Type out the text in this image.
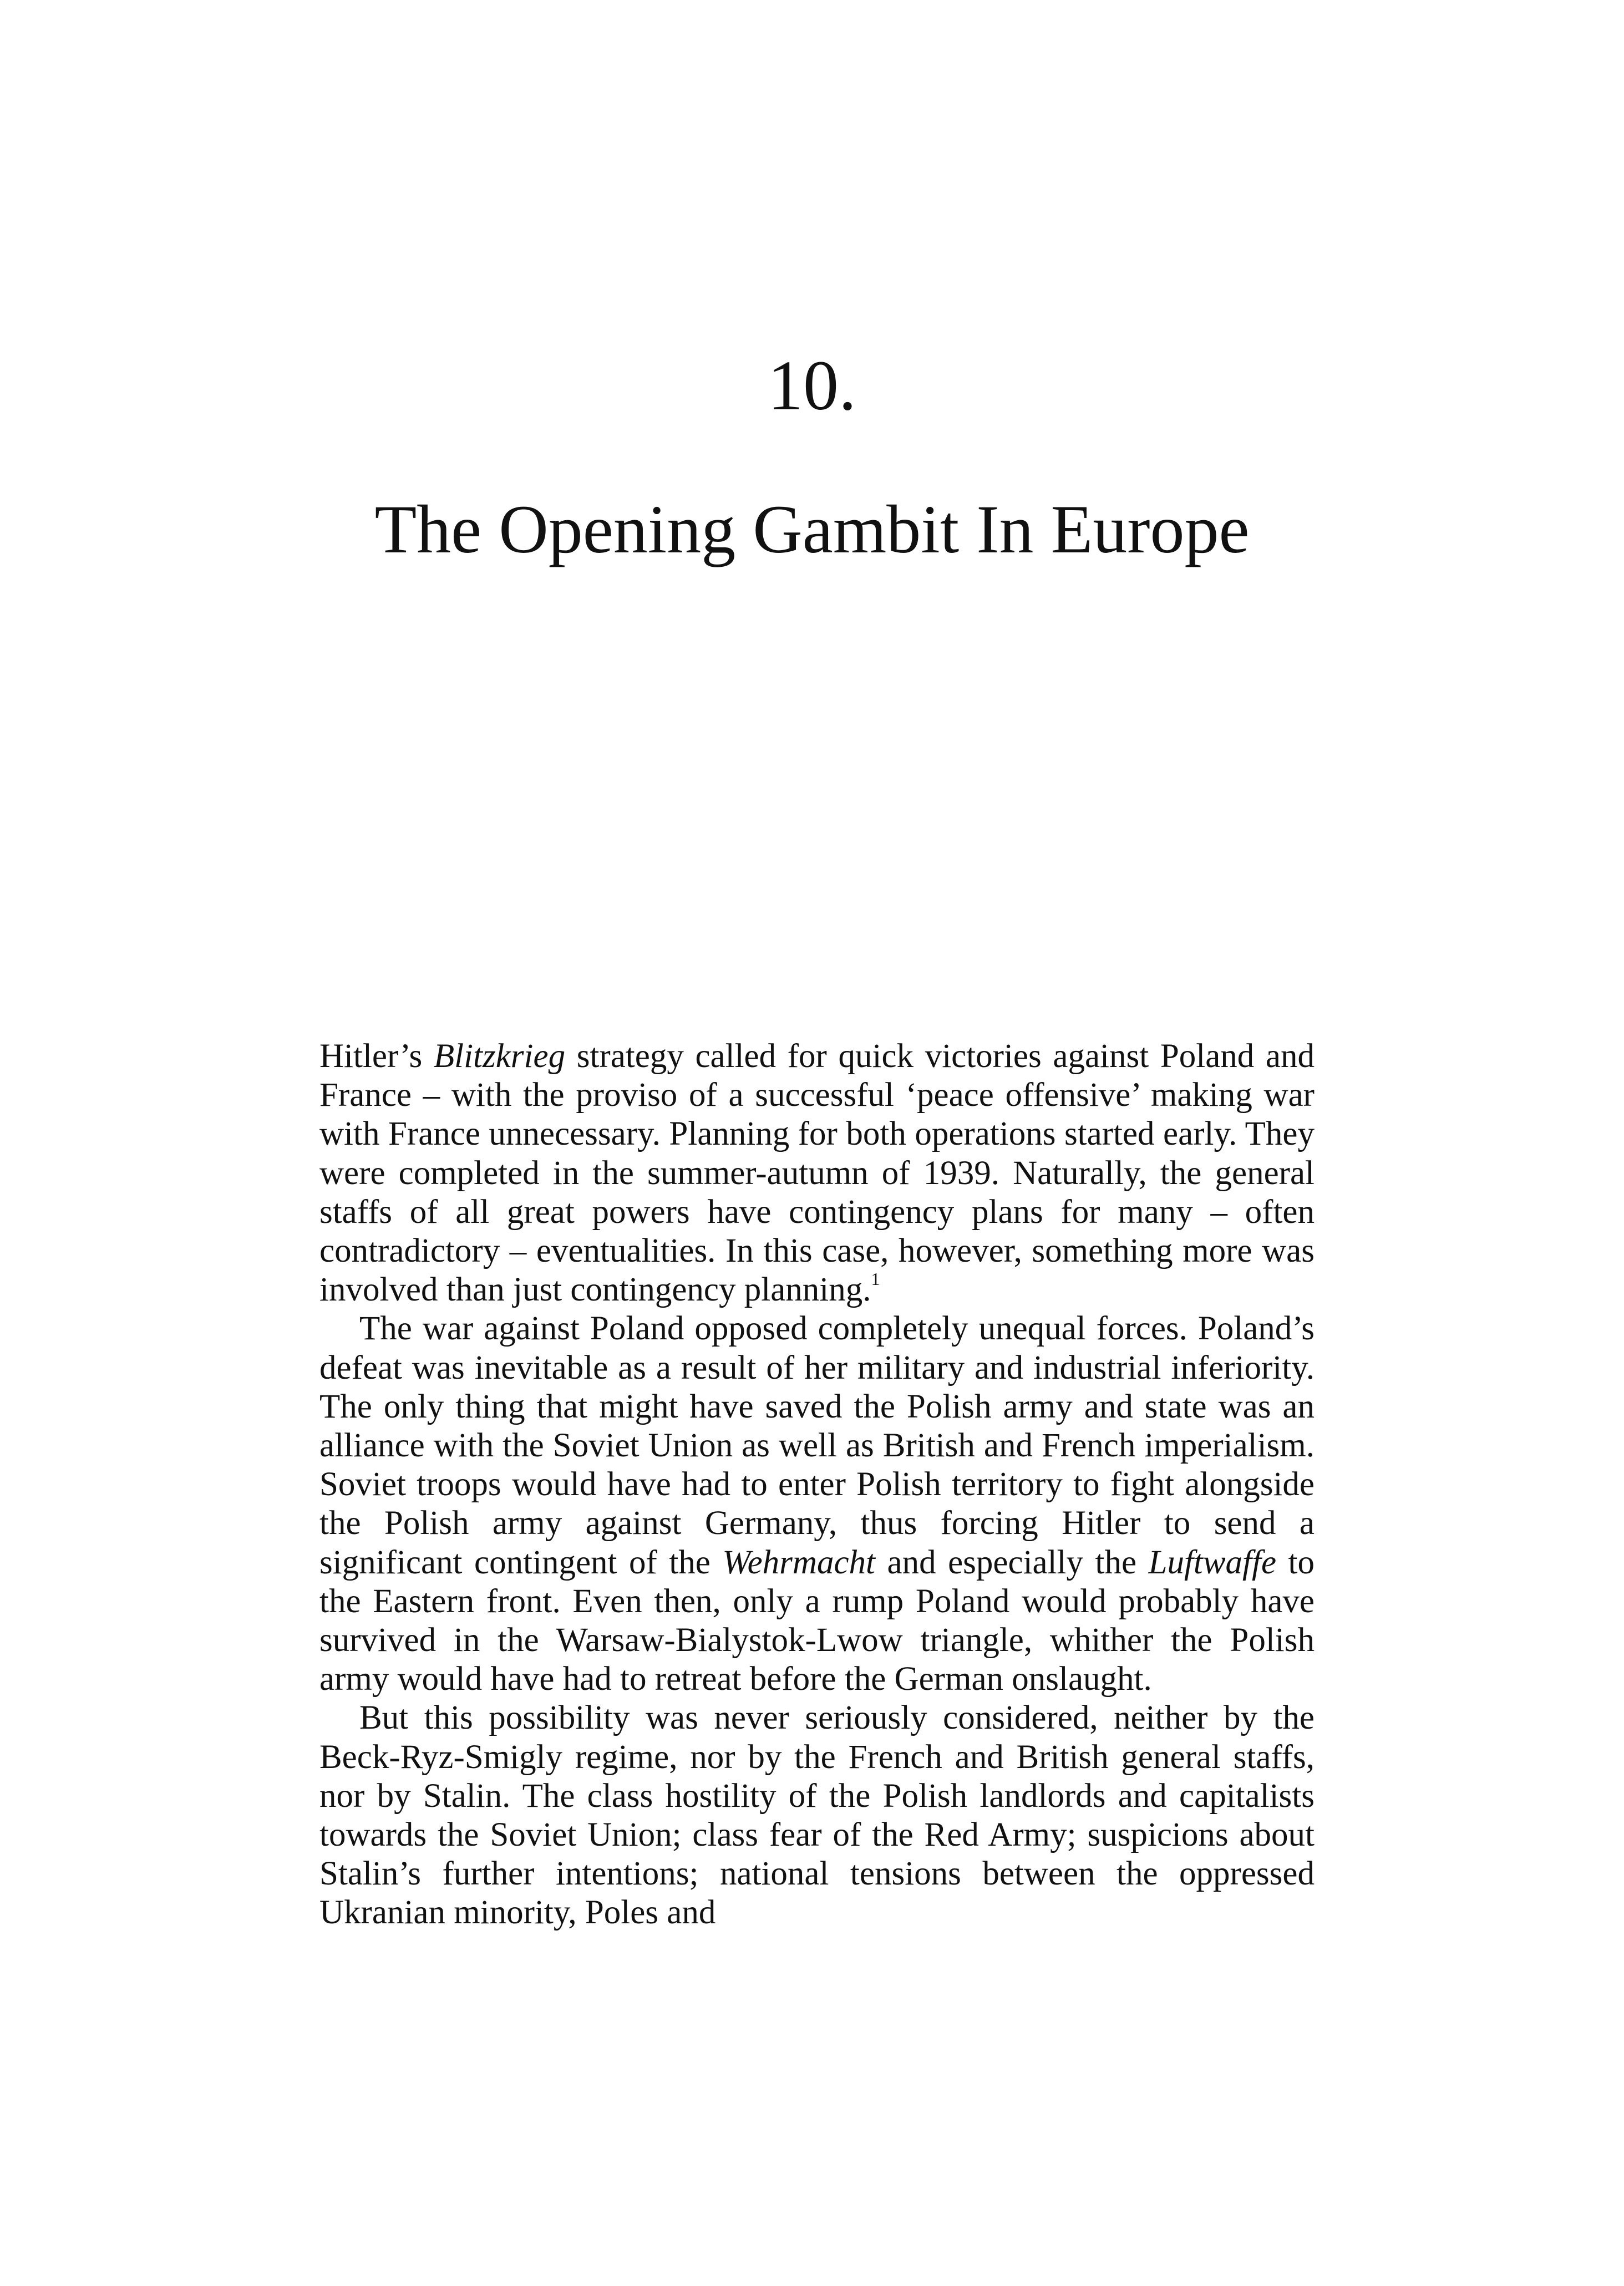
10.
The Opening Gambit In Europe

Hitler’s Blitzkrieg strategy called for quick victories against Poland and France – with the proviso of a successful ‘peace offensive’ making war with France unnecessary. Planning for both operations started early. They were completed in the summer-autumn of 1939. Naturally, the general staffs of all great powers have contingency plans for many – often contradictory – eventualities. In this case, however, something more was involved than just contingency planning.$^1$

The war against Poland opposed completely unequal forces. Poland’s defeat was inevitable as a result of her military and industrial inferiority. The only thing that might have saved the Polish army and state was an alliance with the Soviet Union as well as British and French imperialism. Soviet troops would have had to enter Polish territory to fight alongside the Polish army against Germany, thus forcing Hitler to send a significant contingent of the Wehrmacht and especially the Luftwaffe to the Eastern front. Even then, only a rump Poland would probably have survived in the Warsaw-Bialystok-Lwow triangle, whither the Polish army would have had to retreat before the German onslaught.

But this possibility was never seriously considered, neither by the Beck-Ryz-Smigly regime, nor by the French and British general staffs, nor by Stalin. The class hostility of the Polish landlords and capitalists towards the Soviet Union; class fear of the Red Army; suspicions about Stalin’s further intentions; national tensions between the oppressed Ukranian minority, Poles and
